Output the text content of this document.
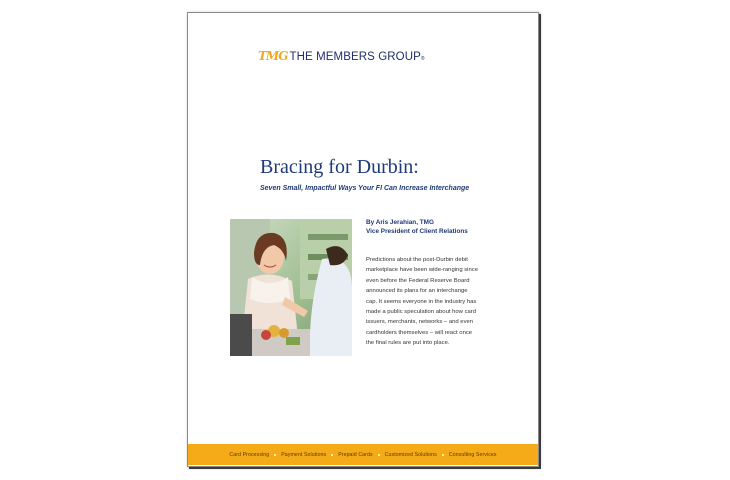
TMG THE MEMBERS GROUP ®
Bracing for Durbin:
Seven Small, Impactful Ways Your FI Can Increase Interchange
By Aris Jerahian, TMG
Vice President of Client Relations
Predictions about the post-Durbin debit
marketplace have been wide-ranging since
even before the Federal Reserve Board
announced its plans for an interchange
cap. It seems everyone in the industry has
made a public speculation about how card
issuers, merchants, networks – and even
cardholders themselves – will react once
the final rules are put into place.
Card Processing Payment Solutions Prepaid Cards Customized Solutions Consulting Services
